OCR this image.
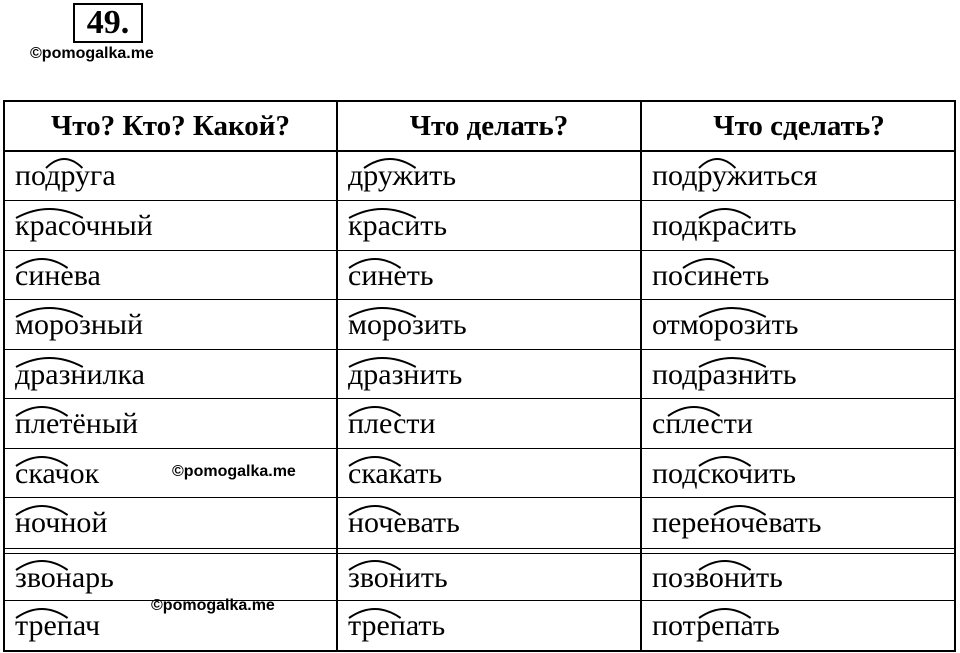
49.
©pomogalka.me
Что? Кто? Какой?	Что делать?	Что сделать?
подруга	дружить	подружиться
красочный	красить	подкрасить
синева	синеть	посинеть
морозный	морозить	отморозить
дразнилка	дразнить	подразнить
плетёный	плести	сплести
скачок	скакать	подскочить
ночной	ночевать	переночевать
звонарь	звонить	позвонить
трепач	трепать	потрепать
©pomogalka.me
©pomogalka.me
